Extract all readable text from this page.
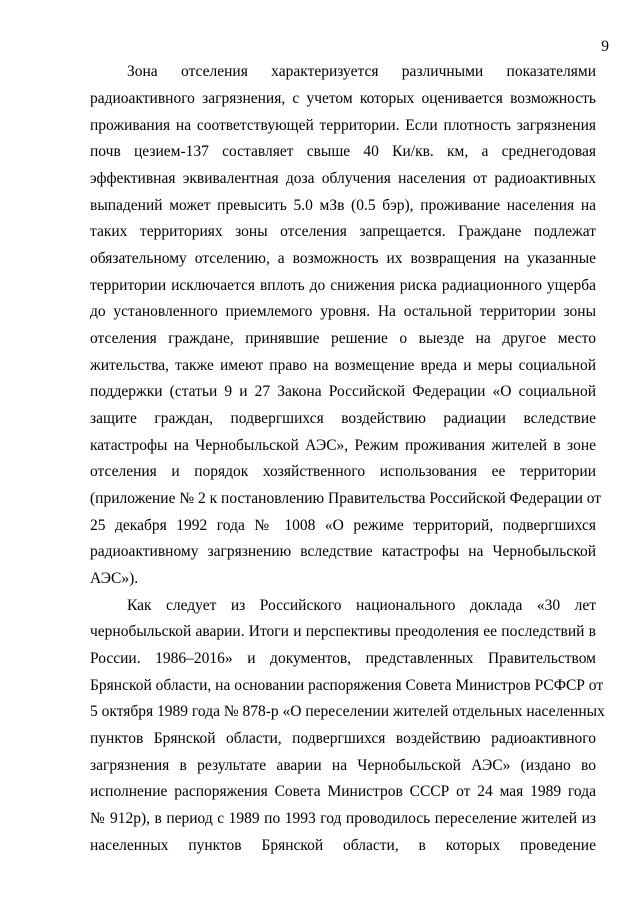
9
Зона отселения характеризуется различными показателями
радиоактивного загрязнения, с учетом которых оценивается возможность
проживания на соответствующей территории. Если плотность загрязнения
почв цезием-137 составляет свыше 40 Ки/кв. км, а среднегодовая
эффективная эквивалентная доза облучения населения от радиоактивных
выпадений может превысить 5.0 мЗв (0.5 бэр), проживание населения на
таких территориях зоны отселения запрещается. Граждане подлежат
обязательному отселению, а возможность их возвращения на указанные
территории исключается вплоть до снижения риска радиационного ущерба
до установленного приемлемого уровня. На остальной территории зоны
отселения граждане, принявшие решение о выезде на другое место
жительства, также имеют право на возмещение вреда и меры социальной
поддержки (статьи 9 и 27 Закона Российской Федерации «О социальной
защите граждан, подвергшихся воздействию радиации вследствие
катастрофы на Чернобыльской АЭС», Режим проживания жителей в зоне
отселения и порядок хозяйственного использования ее территории
(приложение № 2 к постановлению Правительства Российской Федерации от
25 декабря 1992 года № 1008 «О режиме территорий, подвергшихся
радиоактивному загрязнению вследствие катастрофы на Чернобыльской
АЭС»).
Как следует из Российского национального доклада «30 лет
чернобыльской аварии. Итоги и перспективы преодоления ее последствий в
России. 1986–2016» и документов, представленных Правительством
Брянской области, на основании распоряжения Совета Министров РСФСР от
5 октября 1989 года № 878-р «О переселении жителей отдельных населенных
пунктов Брянской области, подвергшихся воздействию радиоактивного
загрязнения в результате аварии на Чернобыльской АЭС» (издано во
исполнение распоряжения Совета Министров СССР от 24 мая 1989 года
№ 912р), в период с 1989 по 1993 год проводилось переселение жителей из
населенных пунктов Брянской области, в которых проведение
